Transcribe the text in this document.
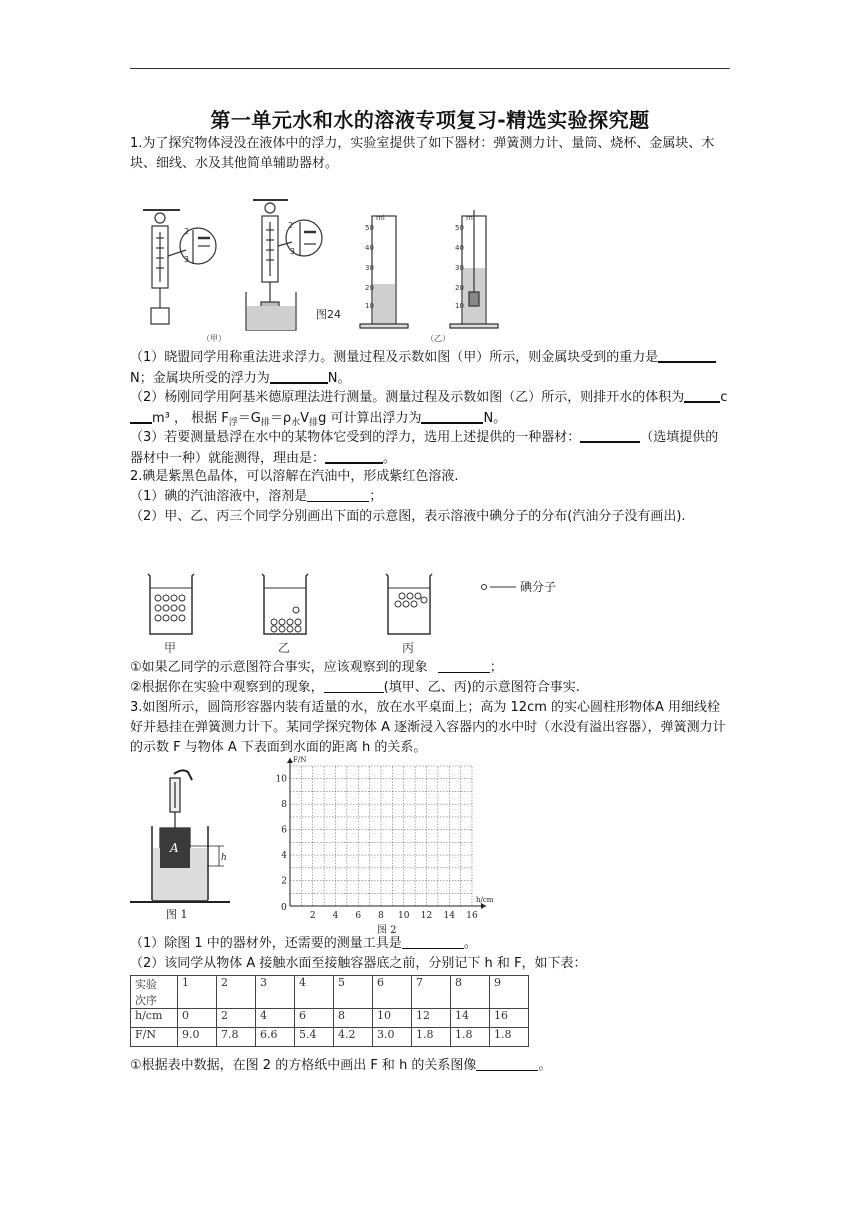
第一单元水和水的溶液专项复习-精选实验探究题

1.为了探究物体浸没在液体中的浮力，实验室提供了如下器材：弹簧测力计、量筒、烧杯、金属块、木块、细线、水及其他简单辅助器材。

2
3
2
3
图24
ml
50
40
30
20
10
ml
50
40
30
20
10
（甲）	（乙）

（1）晓盟同学用称重法进求浮力。测量过程及示数如图（甲）所示，则金属块受到的重力是N；金属块所受的浮力为	N。

（2）杨刚同学用阿基米德原理法进行测量。测量过程及示数如图（乙）所示，则排开水的体积为	cm³ ， 根据 $F_浮=G_排=\rho_水V_排g$ 可计算出浮力为	N。

（3）若要测量悬浮在水中的某物体它受到的浮力，选用上述提供的一种器材：	（选填提供的器材中一种）就能测得，理由是：	。

2.碘是紫黑色晶体，可以溶解在汽油中，形成紫红色溶液.

（1）碘的汽油溶液中，溶剂是	；

（2）甲、乙、丙三个同学分别画出下面的示意图，表示溶液中碘分子的分布(汽油分子没有画出).

碘分子
甲	乙	丙

①如果乙同学的示意图符合事实，应该观察到的现象	；

②根据你在实验中观察到的现象，	(填甲、乙、丙)的示意图符合事实.

3.如图所示，圆筒形容器内装有适量的水，放在水平桌面上；高为 12cm 的实心圆柱形物体A 用细线栓好并悬挂在弹簧测力计下。某同学探究物体 A 逐渐浸入容器内的水中时（水没有溢出容器），弹簧测力计的示数 F 与物体 A 下表面到水面的距离 h 的关系。

A
h
图 1
F/N
h/cm
0
2 4 6 8 10 12 14 16
2
4
6
8
10
图 2

（1）除图 1 中的器材外，还需要的测量工具是	。

（2）该同学从物体 A 接触水面至接触容器底之前，分别记下 h 和 F，如下表：

实验
次序	1	2	3	4	5	6	7	8	9
h/cm	0	2	4	6	8	10	12	14	16
F/N	9.0	7.8	6.6	5.4	4.2	3.0	1.8	1.8	1.8

①根据表中数据，在图 2 的方格纸中画出 F 和 h 的关系图像	。
